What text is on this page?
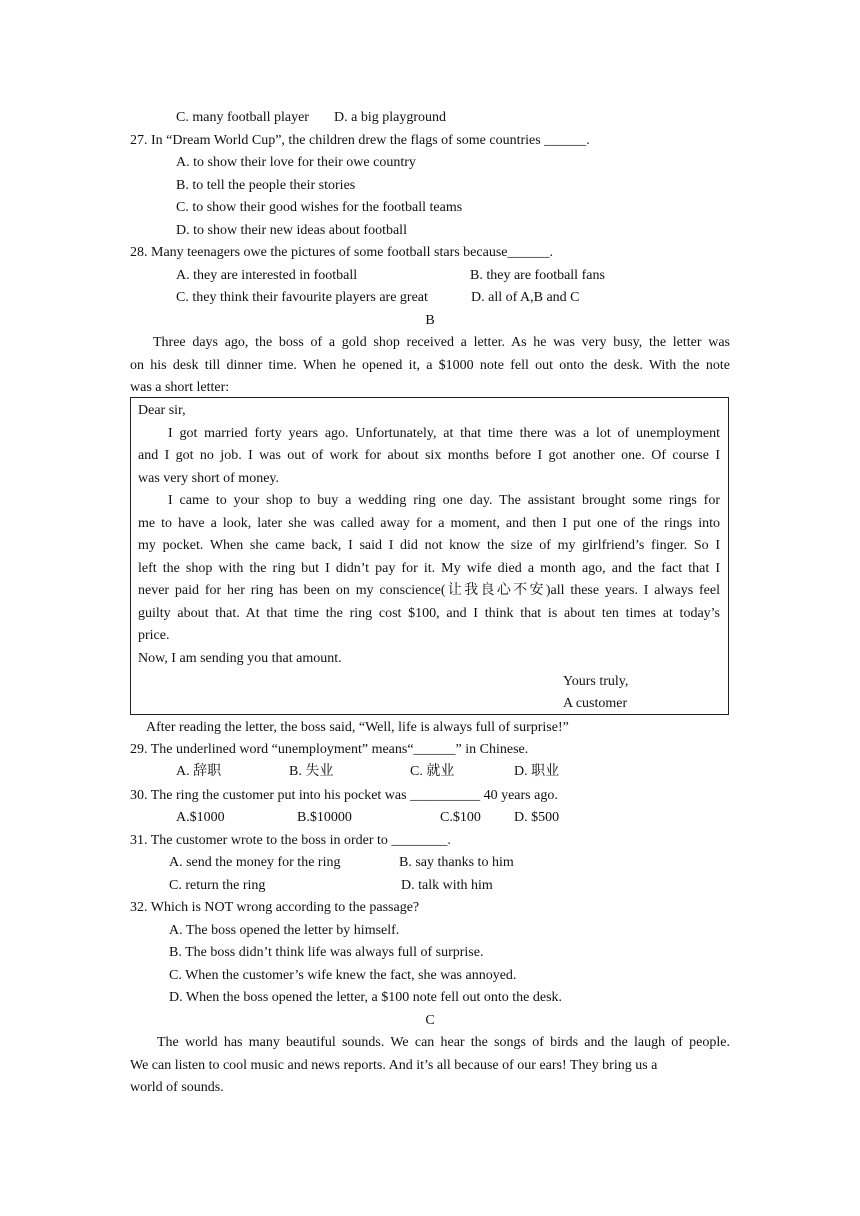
C. many football player D. a big playground
27. In “Dream World Cup”, the children drew the flags of some countries ______.
A. to show their love for their owe country
B. to tell the people their stories
C. to show their good wishes for the football teams
D. to show their new ideas about football
28. Many teenagers owe the pictures of some football stars because______.
A. they are interested in football	B. they are football fans
C. they think their favourite players are great	D. all of A,B and C
B
Three days ago, the boss of a gold shop received a letter. As he was very busy, the letter was
on his desk till dinner time. When he opened it, a $1000 note fell out onto the desk. With the note
was a short letter:
Dear sir,
I got married forty years ago. Unfortunately, at that time there was a lot of unemployment
and I got no job. I was out of work for about six months before I got another one. Of course I
was very short of money.
I came to your shop to buy a wedding ring one day. The assistant brought some rings for
me to have a look, later she was called away for a moment, and then I put one of the rings into
my pocket. When she came back, I said I did not know the size of my girlfriend’s finger. So I
left the shop with the ring but I didn’t pay for it. My wife died a month ago, and the fact that I
never paid for her ring has been on my conscience(让我良心不安)all these years. I always feel
guilty about that. At that time the ring cost $100, and I think that is about ten times at today’s
price.
Now, I am sending you that amount.
Yours truly,
A customer
After reading the letter, the boss said, “Well, life is always full of surprise!”
29. The underlined word “unemployment” means“______” in Chinese.
A. 辞职	B. 失业	C. 就业	D. 职业
30. The ring the customer put into his pocket was __________ 40 years ago.
A.$1000	B.$10000	C.$100 D. $500
31. The customer wrote to the boss in order to ________.
A. send the money for the ring	B. say thanks to him
C. return the ring	D. talk with him
32. Which is NOT wrong according to the passage?
A. The boss opened the letter by himself.
B. The boss didn’t think life was always full of surprise.
C. When the customer’s wife knew the fact, she was annoyed.
D. When the boss opened the letter, a $100 note fell out onto the desk.
C
The world has many beautiful sounds. We can hear the songs of birds and the laugh of people.
We can listen to cool music and news reports. And it’s all because of our ears! They bring us a
world of sounds.
